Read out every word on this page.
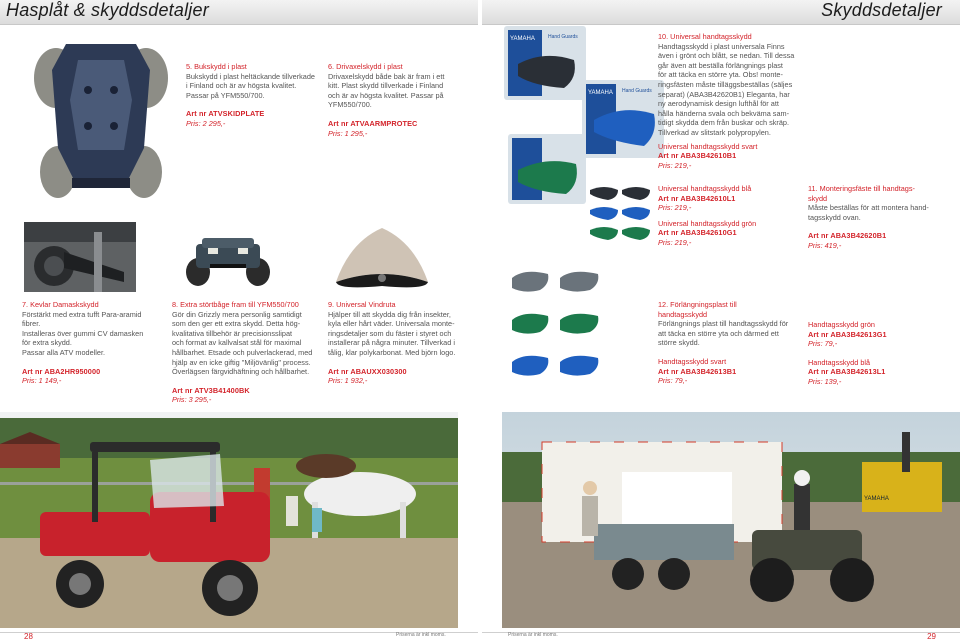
Hasplåt & skyddsdetaljer
5. Bukskydd i plast
Bukskydd i plast heltäckande tillverkade
i Finland och är av högsta kvalitet.
Passar på YFM550/700.
Art nr ATVSKIDPLATE
Pris: 2 295,-
6. Drivaxelskydd i plast
Drivaxelskydd både bak är fram i ett
kitt. Plast skydd tillverkade i Finland
och är av högsta kvalitet. Passar på
YFM550/700.
Art nr ATVAARMPROTEC
Pris: 1 295,-
7. Kevlar Damaskskydd
Förstärkt med extra tufft Para-aramid
fibrer.
Installeras över gummi CV damasken
för extra skydd.
Passar alla ATV modeller.
Art nr ABA2HR950000
Pris: 1 149,-
8. Extra störtbåge fram till YFM550/700
Gör din Grizzly mera personlig samtidigt
som den ger ett extra skydd. Detta hög-
kvalitativa tillbehör är precisionsslipat
och format av kallvalsat stål för maximal
hållbarhet. Etsade och pulverlackerad, med
hjälp av en icke giftig "Miljövänlig" process.
Överlägsen färgvidhäftning och hållbarhet.
Art nr ATV3B41400BK
Pris: 3 295,-
9. Universal Vindruta
Hjälper till att skydda dig från insekter,
kyla eller hårt väder. Universala monte-
ringsdetaljer som du fäster i styret och
installerar på några minuter. Tillverkad i
tålig, klar polykarbonat. Med björn logo.
Art nr ABAUXX030300
Pris: 1 932,-
28	Priserna är inkl moms.
Skyddsdetaljer
YAMAHA	Hand Guards
YAMAHA Hand Guards
10. Universal handtagsskydd
Handtagsskydd i plast universala Finns
även i grönt och blått, se nedan. Till dessa
går även att beställa förlängnings plast
för att täcka en större yta. Obs! monte-
ringsfästen måste tilläggsbeställas (säljes
separat) (ABA3B42620B1) Eleganta, har
ny aerodynamisk design lufthål för att
hålla händerna svala och bekväma sam-
tidigt skydda dem från buskar och skräp.
Tillverkad av slitstark polypropylen.
Universal handtagsskydd svart
Art nr ABA3B42610B1
Pris: 219,-
Universal handtagsskydd blå
Art nr ABA3B42610L1
Pris: 219,-
Universal handtagsskydd grön
Art nr ABA3B42610G1
Pris: 219,-
11. Monteringsfäste till handtags-
skydd
Måste beställas för att montera hand-
tagsskydd ovan.
Art nr ABA3B42620B1
Pris: 419,-
12. Förlängningsplast till
handtagsskydd
Förlängnings plast till handtagsskydd för
att täcka en större yta och därmed ett
större skydd.
Handtagsskydd svart
Art nr ABA3B42613B1
Pris: 79,-
Handtagsskydd grön
Art nr ABA3B42613G1
Pris: 79,-
Handtagsskydd blå
Art nr ABA3B42613L1
Pris: 139,-
YAMAHA
29
Priserna är inkl moms.
